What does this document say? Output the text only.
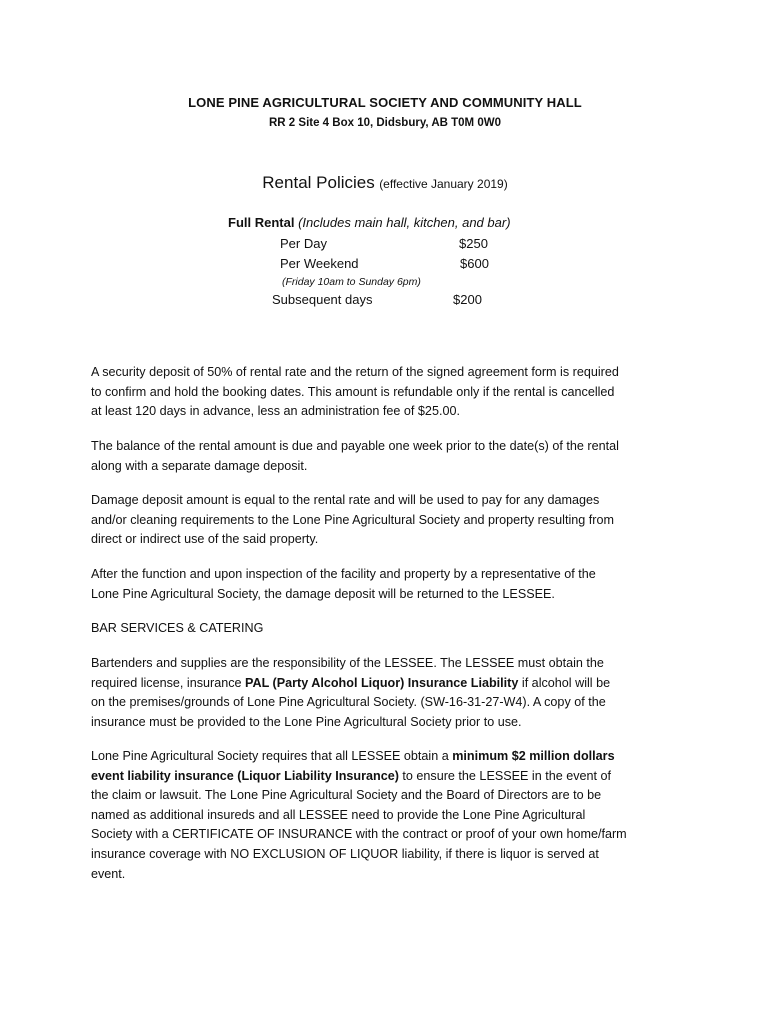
LONE PINE AGRICULTURAL SOCIETY AND COMMUNITY HALL
RR 2 Site 4 Box 10, Didsbury, AB T0M 0W0
Rental Policies (effective January 2019)
Full Rental (Includes main hall, kitchen, and bar)
Per Day	$250
Per Weekend	$600
(Friday 10am to Sunday 6pm)
Subsequent days	$200
A security deposit of 50% of rental rate and the return of the signed agreement form is required
to confirm and hold the booking dates. This amount is refundable only if the rental is cancelled
at least 120 days in advance, less an administration fee of $25.00.
The balance of the rental amount is due and payable one week prior to the date(s) of the rental
along with a separate damage deposit.
Damage deposit amount is equal to the rental rate and will be used to pay for any damages
and/or cleaning requirements to the Lone Pine Agricultural Society and property resulting from
direct or indirect use of the said property.
After the function and upon inspection of the facility and property by a representative of the
Lone Pine Agricultural Society, the damage deposit will be returned to the LESSEE.
BAR SERVICES & CATERING
Bartenders and supplies are the responsibility of the LESSEE. The LESSEE must obtain the
required license, insurance PAL (Party Alcohol Liquor) Insurance Liability if alcohol will be
on the premises/grounds of Lone Pine Agricultural Society. (SW-16-31-27-W4). A copy of the
insurance must be provided to the Lone Pine Agricultural Society prior to use.
Lone Pine Agricultural Society requires that all LESSEE obtain a minimum $2 million dollars
event liability insurance (Liquor Liability Insurance) to ensure the LESSEE in the event of
the claim or lawsuit. The Lone Pine Agricultural Society and the Board of Directors are to be
named as additional insureds and all LESSEE need to provide the Lone Pine Agricultural
Society with a CERTIFICATE OF INSURANCE with the contract or proof of your own home/farm
insurance coverage with NO EXCLUSION OF LIQUOR liability, if there is liquor is served at
event.
